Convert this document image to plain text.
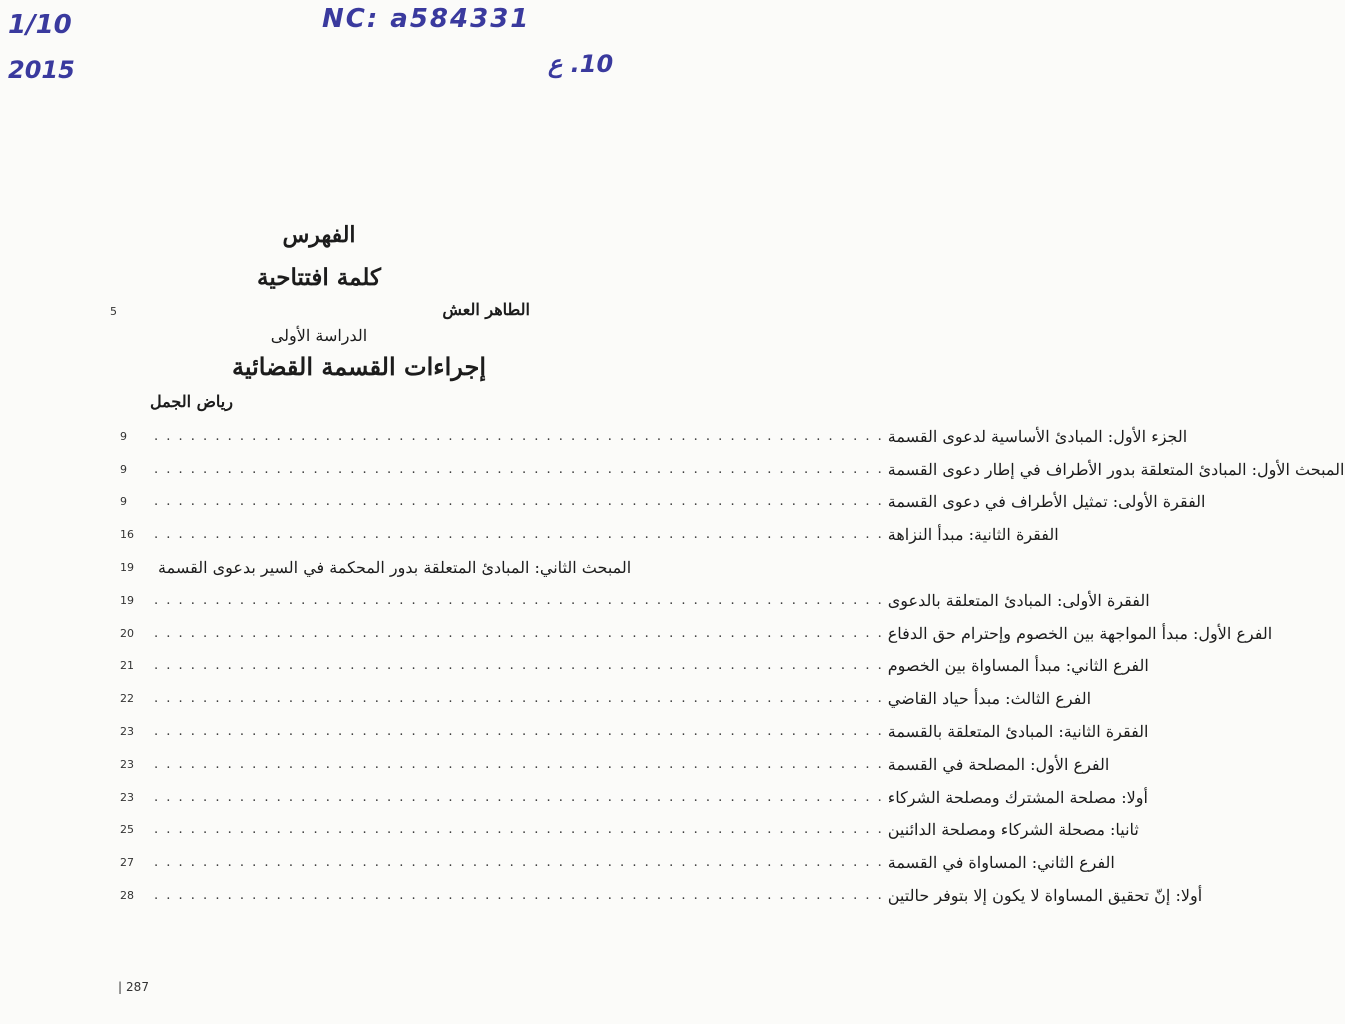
1/10
2015
NC: a584331
10. ع
الفهرس
كلمة افتتاحية
5	الطاهر العش
الدراسة الأولى
إجراءات القسمة القضائية
رياض الجمل
9	. . . . . . . . . . . . . . . . . . . . . . . . . . . . . . . . . . . . . . . . . . . . . . . . . . . . . . . . . . . . الجزء الأول: المبادئ الأساسية لدعوى القسمة
9	. . . . . . . . . . . . . . . . . . . . . . . . . . . . . . . . . . . . . . . . . . . . . . . . . . . . . . . . . . . . المبحث الأول: المبادئ المتعلقة بدور الأطراف في إطار دعوى القسمة
9	. . . . . . . . . . . . . . . . . . . . . . . . . . . . . . . . . . . . . . . . . . . . . . . . . . . . . . . . . . . . الفقرة الأولى: تمثيل الأطراف في دعوى القسمة
16	. . . . . . . . . . . . . . . . . . . . . . . . . . . . . . . . . . . . . . . . . . . . . . . . . . . . . . . . . . . . الفقرة الثانية: مبدأ النزاهة
19	المبحث الثاني: المبادئ المتعلقة بدور المحكمة في السير بدعوى القسمة
19	. . . . . . . . . . . . . . . . . . . . . . . . . . . . . . . . . . . . . . . . . . . . . . . . . . . . . . . . . . . . الفقرة الأولى: المبادئ المتعلقة بالدعوى
20	. . . . . . . . . . . . . . . . . . . . . . . . . . . . . . . . . . . . . . . . . . . . . . . . . . . . . . . . . . . . الفرع الأول: مبدأ المواجهة بين الخصوم وإحترام حق الدفاع
21	. . . . . . . . . . . . . . . . . . . . . . . . . . . . . . . . . . . . . . . . . . . . . . . . . . . . . . . . . . . . الفرع الثاني: مبدأ المساواة بين الخصوم
22	. . . . . . . . . . . . . . . . . . . . . . . . . . . . . . . . . . . . . . . . . . . . . . . . . . . . . . . . . . . . الفرع الثالث: مبدأ حياد القاضي
23	. . . . . . . . . . . . . . . . . . . . . . . . . . . . . . . . . . . . . . . . . . . . . . . . . . . . . . . . . . . . الفقرة الثانية: المبادئ المتعلقة بالقسمة
23	. . . . . . . . . . . . . . . . . . . . . . . . . . . . . . . . . . . . . . . . . . . . . . . . . . . . . . . . . . . . الفرع الأول: المصلحة في القسمة
23	. . . . . . . . . . . . . . . . . . . . . . . . . . . . . . . . . . . . . . . . . . . . . . . . . . . . . . . . . . . . أولا: مصلحة المشترك ومصلحة الشركاء
25	. . . . . . . . . . . . . . . . . . . . . . . . . . . . . . . . . . . . . . . . . . . . . . . . . . . . . . . . . . . . ثانيا: مصحلة الشركاء ومصلحة الدائنين
27	. . . . . . . . . . . . . . . . . . . . . . . . . . . . . . . . . . . . . . . . . . . . . . . . . . . . . . . . . . . . الفرع الثاني: المساواة في القسمة
28	. . . . . . . . . . . . . . . . . . . . . . . . . . . . . . . . . . . . . . . . . . . . . . . . . . . . . . . . . . . . أولا: إنّ تحقيق المساواة لا يكون إلا بتوفر حالتين
| 287
